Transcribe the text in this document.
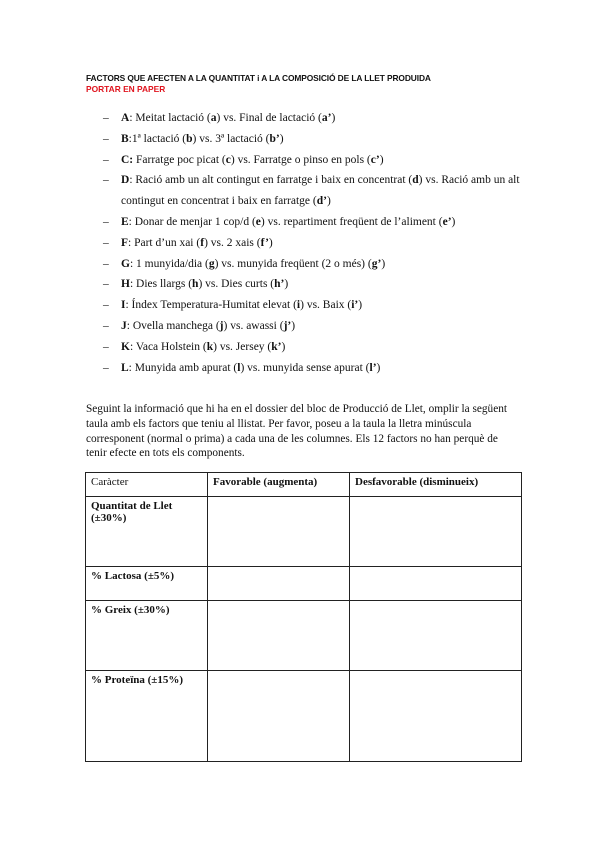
FACTORS QUE AFECTEN A LA QUANTITAT i A LA COMPOSICIÓ DE LA LLET PRODUIDA
PORTAR EN PAPER
– A: Meitat lactació (a) vs. Final de lactació (a’)
– B:1ª lactació (b) vs. 3ª lactació (b’)
– C: Farratge poc picat (c) vs. Farratge o pinso en pols (c’)
– D: Ració amb un alt contingut en farratge i baix en concentrat (d) vs. Ració amb un alt contingut en concentrat i baix en farratge (d’)
– E: Donar de menjar 1 cop/d (e) vs. repartiment freqüent de l’aliment (e’)
– F: Part d’un xai (f) vs. 2 xais (f’)
– G: 1 munyida/dia (g) vs. munyida freqüent (2 o més) (g’)
– H: Dies llargs (h) vs. Dies curts (h’)
– I: Índex Temperatura-Humitat elevat (i) vs. Baix (i’)
– J: Ovella manchega (j) vs. awassi (j’)
– K: Vaca Holstein (k) vs. Jersey (k’)
– L: Munyida amb apurat (l) vs. munyida sense apurat (l’)

Seguint la informació que hi ha en el dossier del bloc de Producció de Llet, omplir la següent taula amb els factors que teniu al llistat. Per favor, poseu a la taula la lletra minúscula corresponent (normal o prima) a cada una de les columnes. Els 12 factors no han perquè de tenir efecte en tots els components.

Caràcter	Favorable (augmenta)	Desfavorable (disminueix)
Quantitat de Llet (±30%)		
% Lactosa (±5%)		
% Greix (±30%)		
% Proteïna (±15%)		
